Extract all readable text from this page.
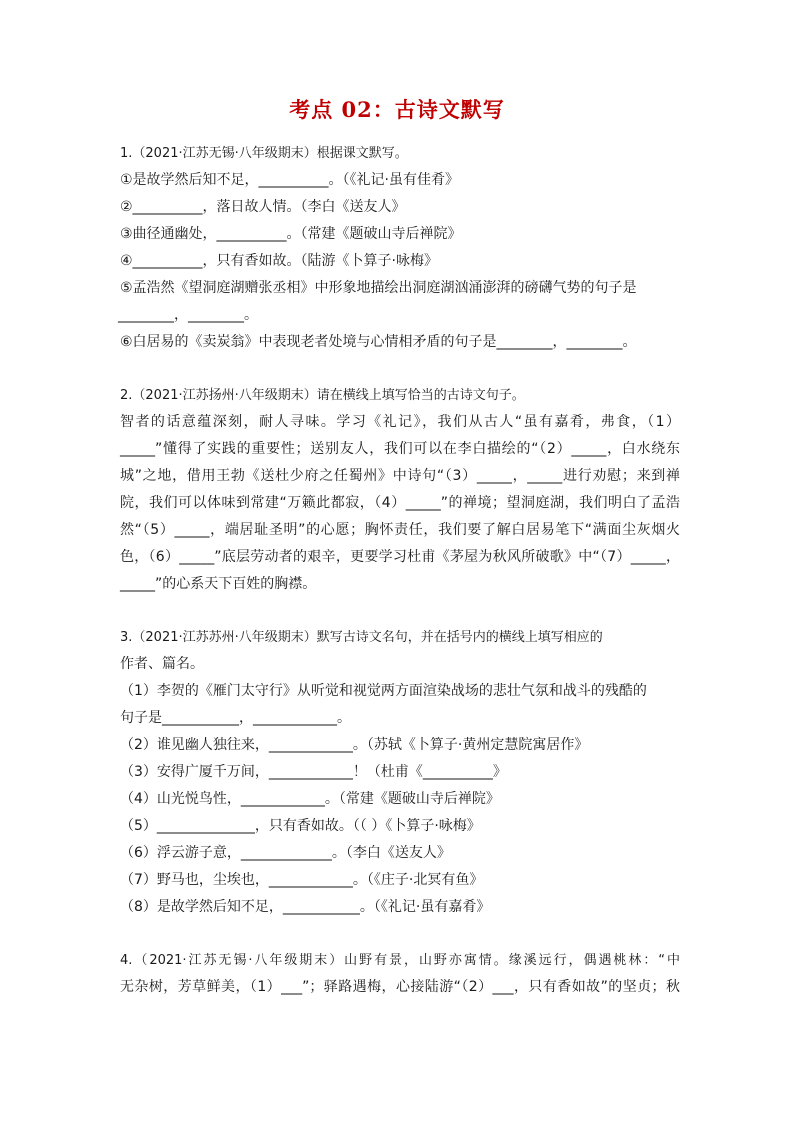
考点 02：古诗文默写
1.（2021·江苏无锡·八年级期末）根据课文默写。
①是故学然后知不足，__________。（《礼记·虽有佳肴》
②__________，落日故人情。（李白《送友人》
③曲径通幽处，__________。（常建《题破山寺后禅院》
④__________，只有香如故。（陆游《卜算子·咏梅》
⑤孟浩然《望洞庭湖赠张丞相》中形象地描绘出洞庭湖汹涌澎湃的磅礴气势的句子是
________，________。
⑥白居易的《卖炭翁》中表现老者处境与心情相矛盾的句子是________，________。
2.（2021·江苏扬州·八年级期末）请在横线上填写恰当的古诗文句子。
智者的话意蕴深刻，耐人寻味。学习《礼记》，我们从古人“虽有嘉肴，弗食，（1）
_____”懂得了实践的重要性；送别友人，我们可以在李白描绘的“（2）_____，白水绕东
城”之地，借用王勃《送杜少府之任蜀州》中诗句“（3）_____，_____进行劝慰；来到禅
院，我们可以体味到常建“万籁此都寂，（4）_____”的禅境；望洞庭湖，我们明白了孟浩
然“（5）_____，端居耻圣明”的心愿；胸怀责任，我们要了解白居易笔下“满面尘灰烟火
色，（6）_____”底层劳动者的艰辛，更要学习杜甫《茅屋为秋风所破歌》中“（7）_____，
_____”的心系天下百姓的胸襟。
3.（2021·江苏苏州·八年级期末）默写古诗文名句，并在括号内的横线上填写相应的
作者、篇名。
（1）李贺的《雁门太守行》从听觉和视觉两方面渲染战场的悲壮气氛和战斗的残酷的
句子是___________，____________。
（2）谁见幽人独往来，____________。（苏轼《卜算子·黄州定慧院寓居作》
（3）安得广厦千万间，____________！（杜甫《__________》
（4）山光悦鸟性，____________。（常建《题破山寺后禅院》
（5）______________，只有香如故。（（ ）《卜算子·咏梅》
（6）浮云游子意，_____________。（李白《送友人》
（7）野马也，尘埃也，____________。（《庄子·北冥有鱼》
（8）是故学然后知不足，___________。（《礼记·虽有嘉肴》
4.（2021·江苏无锡·八年级期末）山野有景，山野亦寓情。缘溪远行，偶遇桃林：“中
无杂树，芳草鲜美，（1）___”；驿路遇梅，心接陆游“（2）___，只有香如故”的坚贞；秋
